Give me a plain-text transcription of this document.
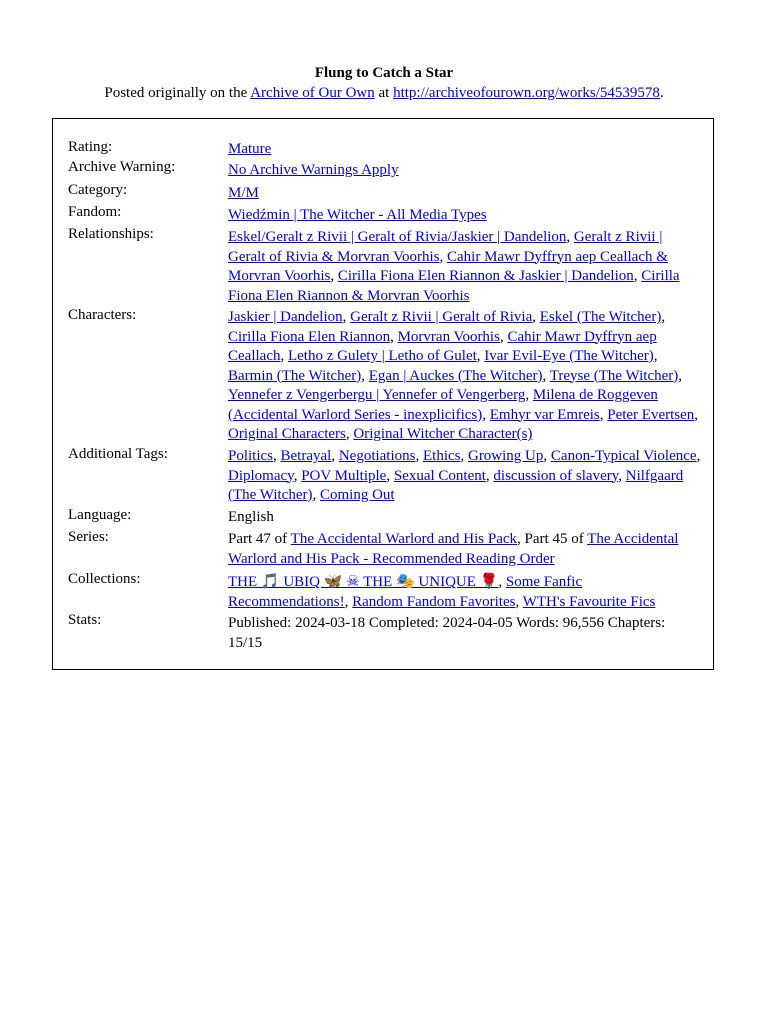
Flung to Catch a Star
Posted originally on the Archive of Our Own at http://archiveofourown.org/works/54539578.
Rating:	Mature
Archive Warning:	No Archive Warnings Apply
Category:	M/M
Fandom:	Wiedźmin | The Witcher - All Media Types
Relationships:	Eskel/Geralt z Rivii | Geralt of Rivia/Jaskier | Dandelion, Geralt z Rivii | Geralt of Rivia & Morvran Voorhis, Cahir Mawr Dyffryn aep Ceallach & Morvran Voorhis, Cirilla Fiona Elen Riannon & Jaskier | Dandelion, Cirilla Fiona Elen Riannon & Morvran Voorhis
Characters:	Jaskier | Dandelion, Geralt z Rivii | Geralt of Rivia, Eskel (The Witcher), Cirilla Fiona Elen Riannon, Morvran Voorhis, Cahir Mawr Dyffryn aep Ceallach, Letho z Gulety | Letho of Gulet, Ivar Evil-Eye (The Witcher), Barmin (The Witcher), Egan | Auckes (The Witcher), Treyse (The Witcher), Yennefer z Vengerbergu | Yennefer of Vengerberg, Milena de Roggeven (Accidental Warlord Series - inexplicifics), Emhyr var Emreis, Peter Evertsen, Original Characters, Original Witcher Character(s)
Additional Tags:	Politics, Betrayal, Negotiations, Ethics, Growing Up, Canon-Typical Violence, Diplomacy, POV Multiple, Sexual Content, discussion of slavery, Nilfgaard (The Witcher), Coming Out
Language:	English
Series:	Part 47 of The Accidental Warlord and His Pack, Part 45 of The Accidental Warlord and His Pack - Recommended Reading Order
Collections:	THE 🎵 UBIQ 🦋 ☠ THE 🎭 UNIQUE 🌹, Some Fanfic Recommendations!, Random Fandom Favorites, WTH's Favourite Fics
Stats:	Published: 2024-03-18 Completed: 2024-04-05 Words: 96,556 Chapters: 15/15
